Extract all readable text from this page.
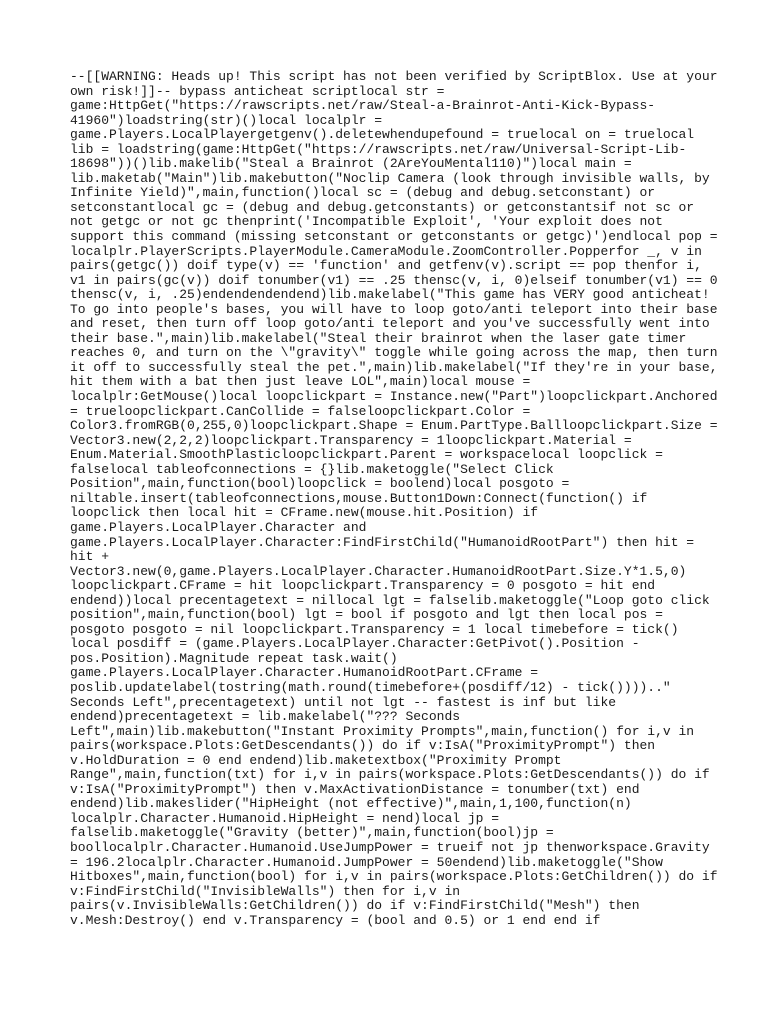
--[[WARNING: Heads up! This script has not been verified by ScriptBlox. Use at your
own risk!]]-- bypass anticheat scriptlocal str =
game:HttpGet("https://rawscripts.net/raw/Steal-a-Brainrot-Anti-Kick-Bypass-
41960")loadstring(str)()local localplr =
game.Players.LocalPlayergetgenv().deletewhendupefound = truelocal on = truelocal
lib = loadstring(game:HttpGet("https://rawscripts.net/raw/Universal-Script-Lib-
18698"))()lib.makelib("Steal a Brainrot (2AreYouMental110)")local main =
lib.maketab("Main")lib.makebutton("Noclip Camera (look through invisible walls, by
Infinite Yield)",main,function()local sc = (debug and debug.setconstant) or
setconstantlocal gc = (debug and debug.getconstants) or getconstantsif not sc or
not getgc or not gc thenprint('Incompatible Exploit', 'Your exploit does not
support this command (missing setconstant or getconstants or getgc)')endlocal pop =
localplr.PlayerScripts.PlayerModule.CameraModule.ZoomController.Popperfor _, v in
pairs(getgc()) doif type(v) == 'function' and getfenv(v).script == pop thenfor i,
v1 in pairs(gc(v)) doif tonumber(v1) == .25 thensc(v, i, 0)elseif tonumber(v1) == 0
thensc(v, i, .25)endendendendend)lib.makelabel("This game has VERY good anticheat!
To go into people's bases, you will have to loop goto/anti teleport into their base
and reset, then turn off loop goto/anti teleport and you've successfully went into
their base.",main)lib.makelabel("Steal their brainrot when the laser gate timer
reaches 0, and turn on the \"gravity\" toggle while going across the map, then turn
it off to successfully steal the pet.",main)lib.makelabel("If they're in your base,
hit them with a bat then just leave LOL",main)local mouse =
localplr:GetMouse()local loopclickpart = Instance.new("Part")loopclickpart.Anchored
= trueloopclickpart.CanCollide = falseloopclickpart.Color =
Color3.fromRGB(0,255,0)loopclickpart.Shape = Enum.PartType.Ballloopclickpart.Size =
Vector3.new(2,2,2)loopclickpart.Transparency = 1loopclickpart.Material =
Enum.Material.SmoothPlasticloopclickpart.Parent = workspacelocal loopclick =
falselocal tableofconnections = {}lib.maketoggle("Select Click
Position",main,function(bool)loopclick = boolend)local posgoto =
niltable.insert(tableofconnections,mouse.Button1Down:Connect(function() if
loopclick then local hit = CFrame.new(mouse.hit.Position) if
game.Players.LocalPlayer.Character and
game.Players.LocalPlayer.Character:FindFirstChild("HumanoidRootPart") then hit =
hit +
Vector3.new(0,game.Players.LocalPlayer.Character.HumanoidRootPart.Size.Y*1.5,0)
loopclickpart.CFrame = hit loopclickpart.Transparency = 0 posgoto = hit end
endend))local precentagetext = nillocal lgt = falselib.maketoggle("Loop goto click
position",main,function(bool) lgt = bool if posgoto and lgt then local pos =
posgoto posgoto = nil loopclickpart.Transparency = 1 local timebefore = tick()
local posdiff = (game.Players.LocalPlayer.Character:GetPivot().Position -
pos.Position).Magnitude repeat task.wait()
game.Players.LocalPlayer.Character.HumanoidRootPart.CFrame =
poslib.updatelabel(tostring(math.round(timebefore+(posdiff/12) - tick()))).."
Seconds Left",precentagetext) until not lgt -- fastest is inf but like
endend)precentagetext = lib.makelabel("??? Seconds
Left",main)lib.makebutton("Instant Proximity Prompts",main,function() for i,v in
pairs(workspace.Plots:GetDescendants()) do if v:IsA("ProximityPrompt") then
v.HoldDuration = 0 end endend)lib.maketextbox("Proximity Prompt
Range",main,function(txt) for i,v in pairs(workspace.Plots:GetDescendants()) do if
v:IsA("ProximityPrompt") then v.MaxActivationDistance = tonumber(txt) end
endend)lib.makeslider("HipHeight (not effective)",main,1,100,function(n)
localplr.Character.Humanoid.HipHeight = nend)local jp =
falselib.maketoggle("Gravity (better)",main,function(bool)jp =
boollocalplr.Character.Humanoid.UseJumpPower = trueif not jp thenworkspace.Gravity
= 196.2localplr.Character.Humanoid.JumpPower = 50endend)lib.maketoggle("Show
Hitboxes",main,function(bool) for i,v in pairs(workspace.Plots:GetChildren()) do if
v:FindFirstChild("InvisibleWalls") then for i,v in
pairs(v.InvisibleWalls:GetChildren()) do if v:FindFirstChild("Mesh") then
v.Mesh:Destroy() end v.Transparency = (bool and 0.5) or 1 end end if
